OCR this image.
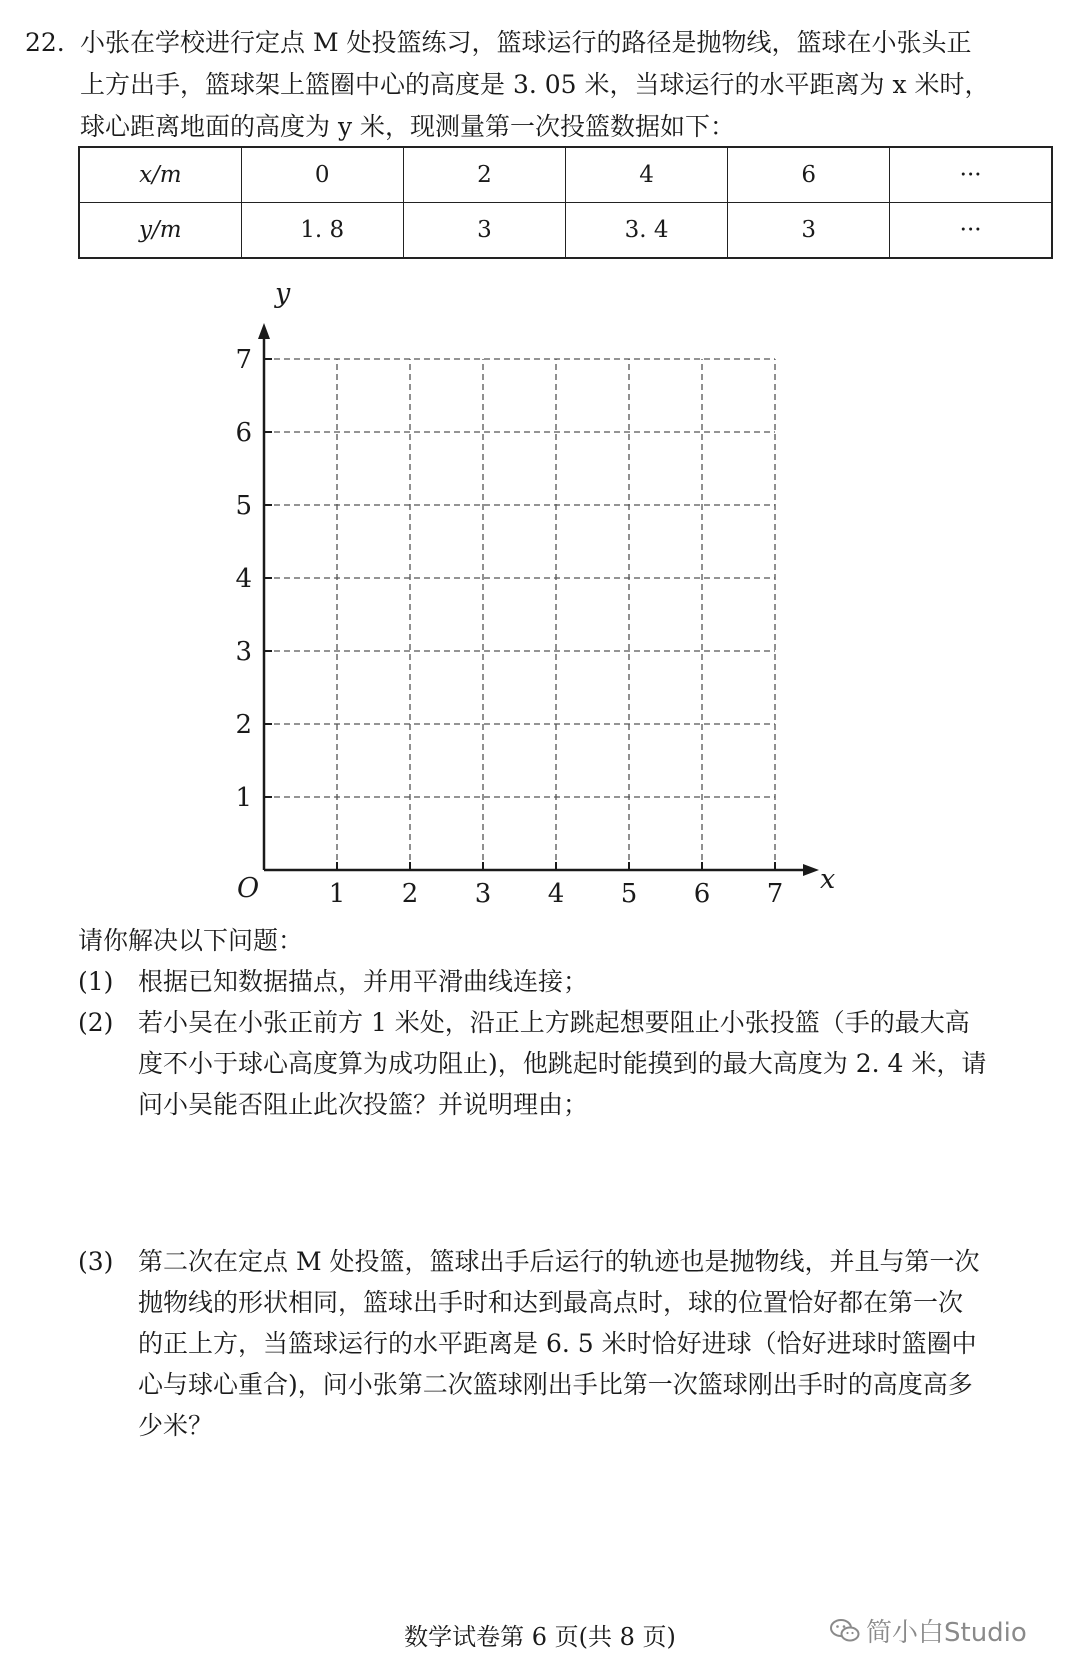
22. 小张在学校进行定点 M 处投篮练习，篮球运行的路径是抛物线，篮球在小张头正
上方出手，篮球架上篮圈中心的高度是 3. 05 米，当球运行的水平距离为 x 米时，
球心距离地面的高度为 y 米，现测量第一次投篮数据如下：
x/m	0	2	4	6	···
y/m	1. 8	3	3. 4	3	···
1 2 3 4 5 6 7
1
2
3
4
5
6
7
y
x
O
请你解决以下问题：
(1) 根据已知数据描点，并用平滑曲线连接；
(2) 若小吴在小张正前方 1 米处，沿正上方跳起想要阻止小张投篮（手的最大高
度不小于球心高度算为成功阻止)，他跳起时能摸到的最大高度为 2. 4 米，请
问小吴能否阻止此次投篮？并说明理由；
(3) 第二次在定点 M 处投篮，篮球出手后运行的轨迹也是抛物线，并且与第一次
抛物线的形状相同，篮球出手时和达到最高点时，球的位置恰好都在第一次
的正上方，当篮球运行的水平距离是 6. 5 米时恰好进球（恰好进球时篮圈中
心与球心重合)，问小张第二次篮球刚出手比第一次篮球刚出手时的高度高多
少米？
数学试卷第 6 页(共 8 页)	简小白Studio
